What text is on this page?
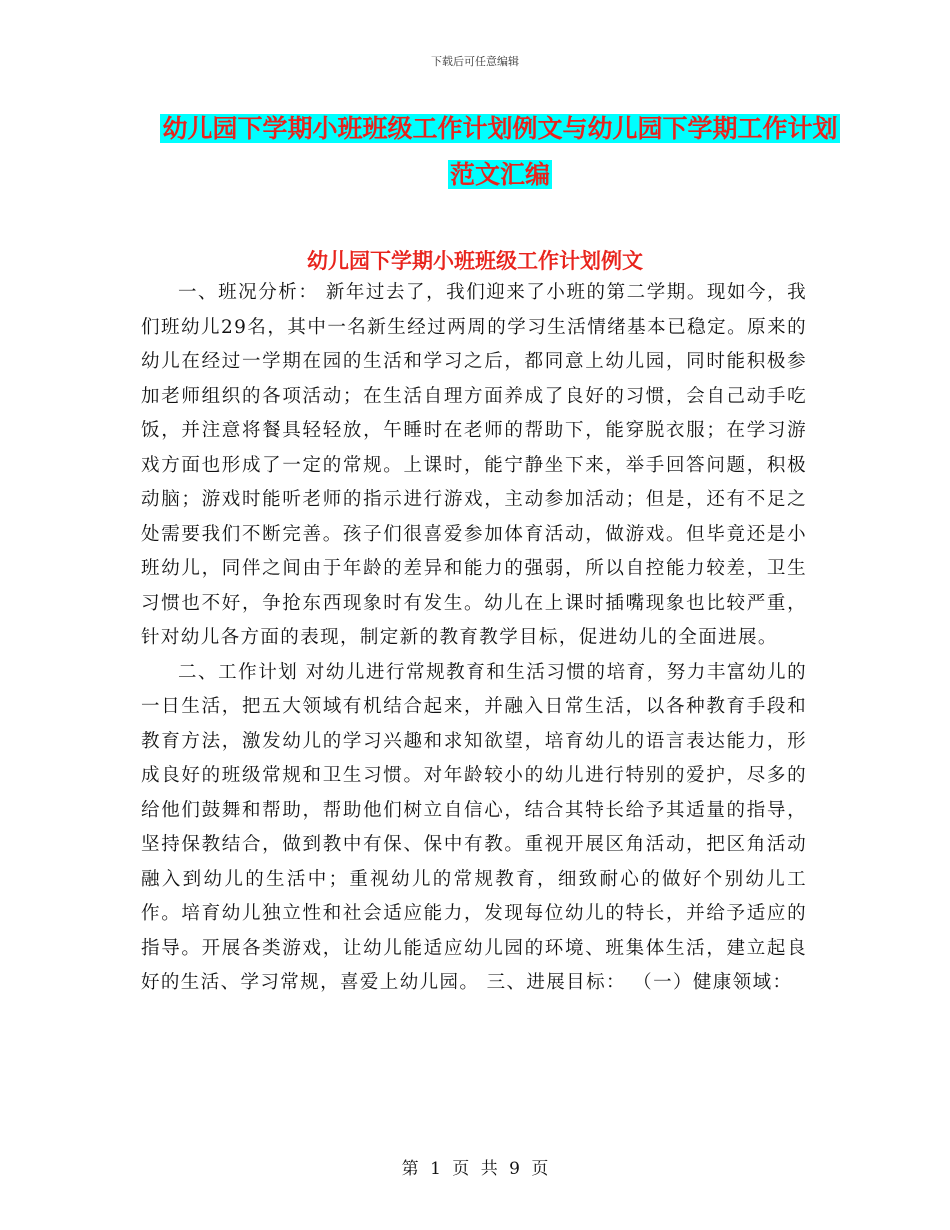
下载后可任意编辑
幼儿园下学期小班班级工作计划例文与幼儿园下学期工作计划范文汇编
幼儿园下学期小班班级工作计划例文

一、班况分析： 新年过去了，我们迎来了小班的第二学期。现如今，我们班幼儿29名，其中一名新生经过两周的学习生活情绪基本已稳定。原来的幼儿在经过一学期在园的生活和学习之后，都同意上幼儿园，同时能积极参加老师组织的各项活动；在生活自理方面养成了良好的习惯，会自己动手吃饭，并注意将餐具轻轻放，午睡时在老师的帮助下，能穿脱衣服；在学习游戏方面也形成了一定的常规。上课时，能宁静坐下来，举手回答问题，积极动脑；游戏时能听老师的指示进行游戏，主动参加活动；但是，还有不足之处需要我们不断完善。孩子们很喜爱参加体育活动，做游戏。但毕竟还是小班幼儿，同伴之间由于年龄的差异和能力的强弱，所以自控能力较差，卫生习惯也不好，争抢东西现象时有发生。幼儿在上课时插嘴现象也比较严重，针对幼儿各方面的表现，制定新的教育教学目标，促进幼儿的全面进展。

二、工作计划 对幼儿进行常规教育和生活习惯的培育，努力丰富幼儿的一日生活，把五大领域有机结合起来，并融入日常生活，以各种教育手段和教育方法，激发幼儿的学习兴趣和求知欲望，培育幼儿的语言表达能力，形成良好的班级常规和卫生习惯。对年龄较小的幼儿进行特别的爱护，尽多的给他们鼓舞和帮助，帮助他们树立自信心，结合其特长给予其适量的指导，坚持保教结合，做到教中有保、保中有教。重视开展区角活动，把区角活动融入到幼儿的生活中；重视幼儿的常规教育，细致耐心的做好个别幼儿工作。培育幼儿独立性和社会适应能力，发现每位幼儿的特长，并给予适应的指导。开展各类游戏，让幼儿能适应幼儿园的环境、班集体生活，建立起良好的生活、学习常规，喜爱上幼儿园。 三、进展目标： （一）健康领域：

第 1 页 共 9 页
